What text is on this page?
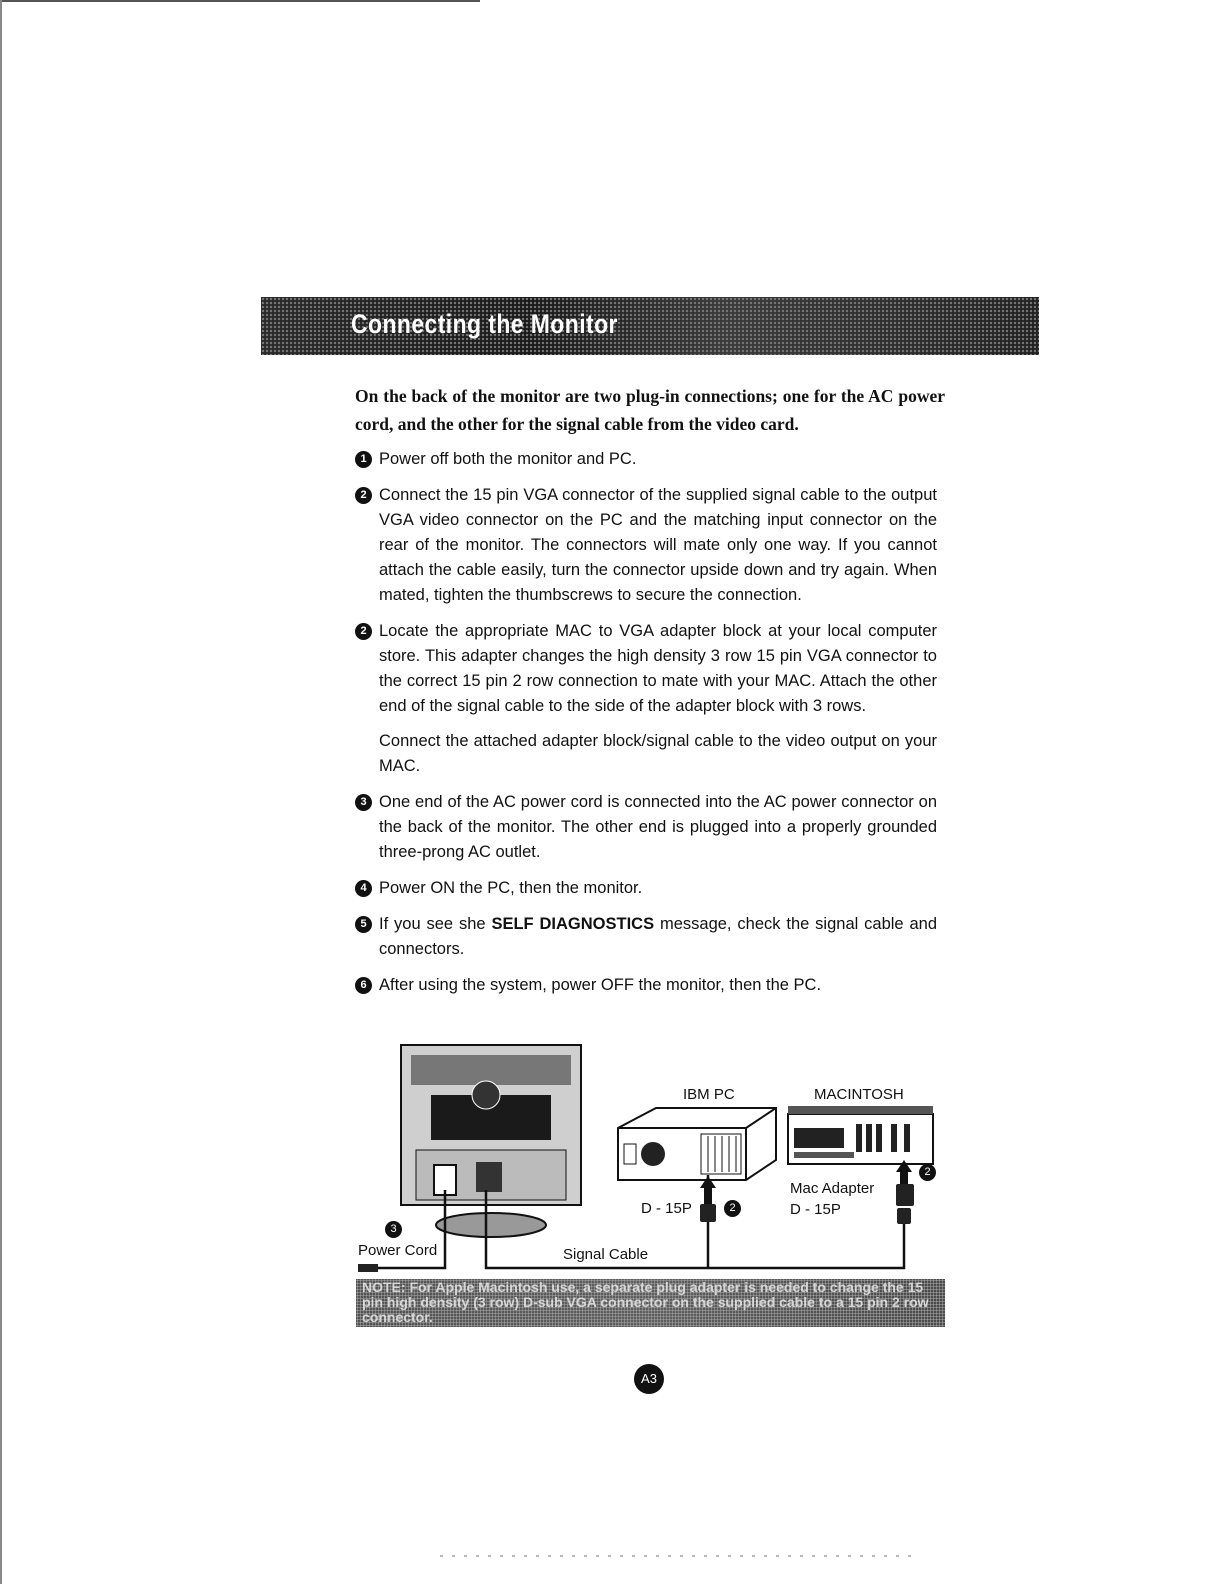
Connecting the Monitor
On the back of the monitor are two plug-in connections; one for the AC power cord, and the other for the signal cable from the video card.
1 Power off both the monitor and PC.
2 Connect the 15 pin VGA connector of the supplied signal cable to the output VGA video connector on the PC and the matching input connector on the rear of the monitor. The connectors will mate only one way. If you cannot attach the cable easily, turn the connector upside down and try again. When mated, tighten the thumbscrews to secure the connection.
2 Locate the appropriate MAC to VGA adapter block at your local computer store. This adapter changes the high density 3 row 15 pin VGA connector to the correct 15 pin 2 row connection to mate with your MAC. Attach the other end of the signal cable to the side of the adapter block with 3 rows.
Connect the attached adapter block/signal cable to the video output on your MAC.
3 One end of the AC power cord is connected into the AC power connector on the back of the monitor. The other end is plugged into a properly grounded three-prong AC outlet.
4 Power ON the PC, then the monitor.
5 If you see she SELF DIAGNOSTICS message, check the signal cable and connectors.
6 After using the system, power OFF the monitor, then the PC.
IBM PC	MACINTOSH
D - 15P
Mac Adapter
D - 15P
Power Cord	Signal Cable
2
3
2
NOTE: For Apple Macintosh use, a separate plug adapter is needed to change the 15 pin high density (3 row) D-sub VGA connector on the supplied cable to a 15 pin 2 row connector.
A3
